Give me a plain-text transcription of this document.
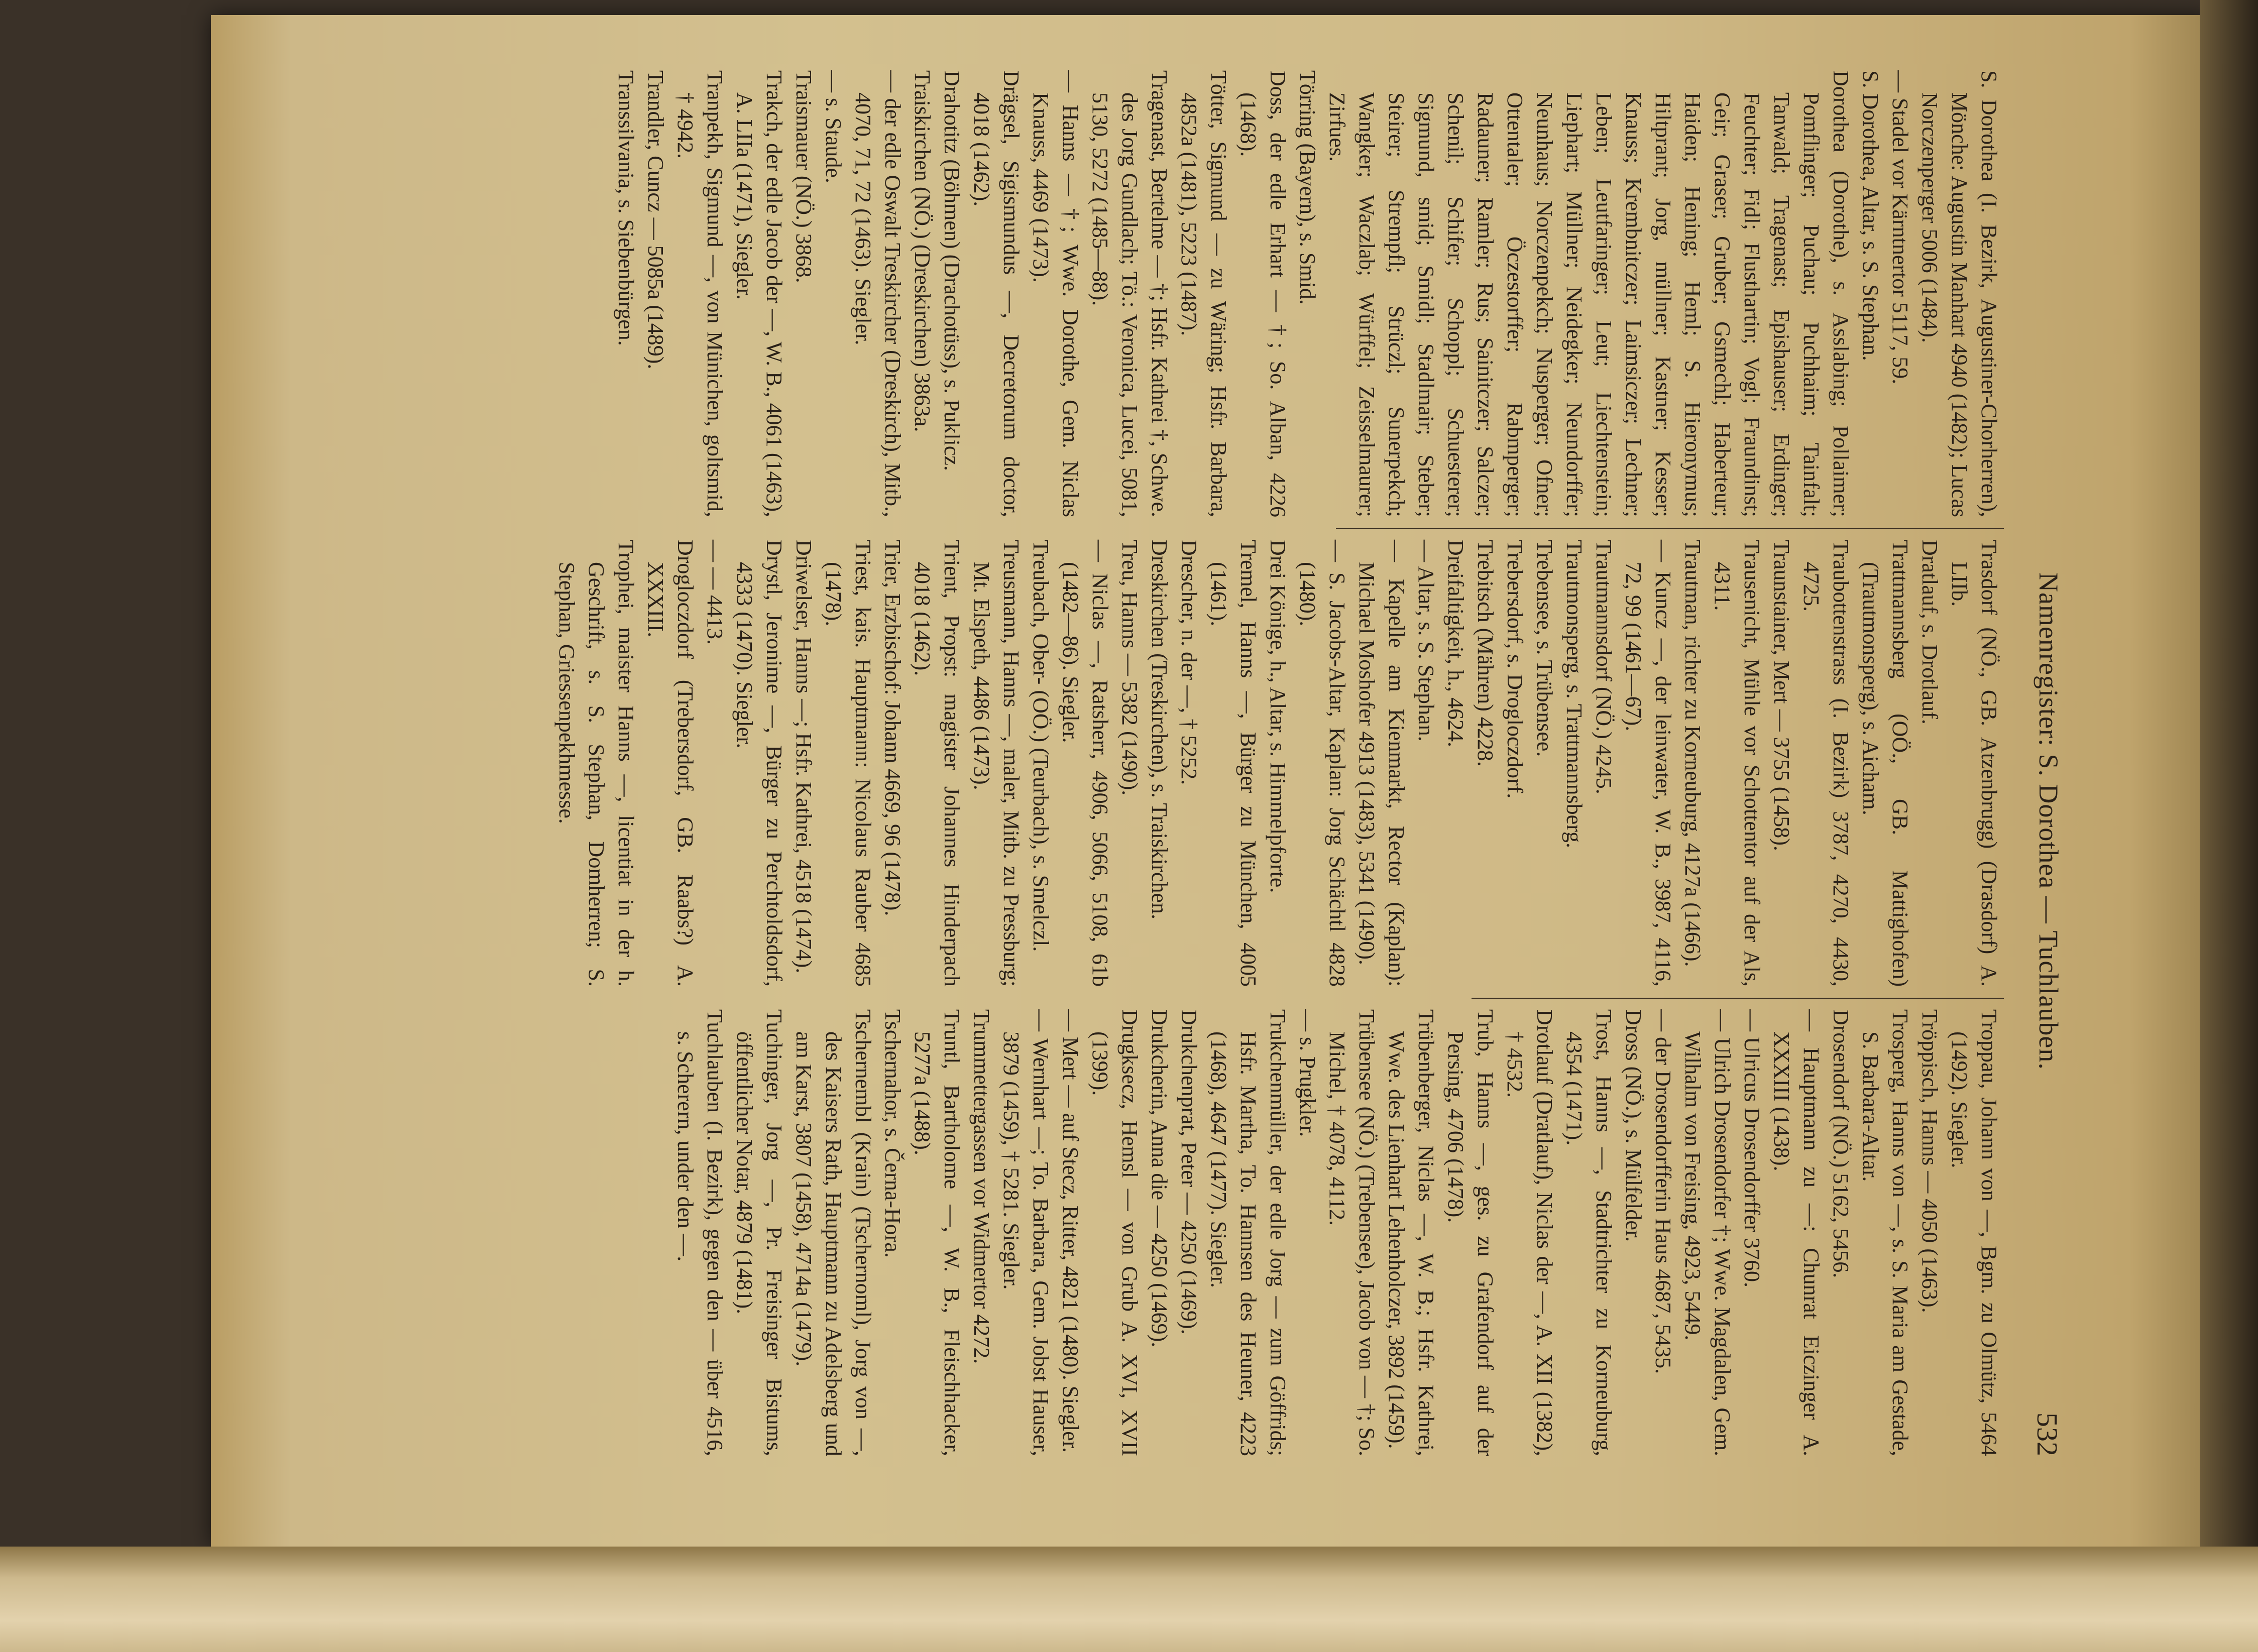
532
Namenregister: S. Dorothea — Tuchlauben.

S. Dorothea (I. Bezirk, Augustiner-Chorherren), Mönche: Augustin Manhart 4940 (1482); Lucas Norczenperger 5006 (1484).

— Stadel vor Kärntnertor 5117, 59.

S. Dorothea, Altar, s. S. Stephan.

Dorothea (Dorothe), s. Asslabing; Pollaimer; Pomflinger; Puchau; Puchhaim; Tainfalt; Tanwald; Tragenast; Epishauser; Erdinger; Feuchter; Fidl; Flusthartin; Vogl; Fraundinst; Geir; Graser; Gruber; Gsmechl; Haberteur; Haiden; Hening; Heml; S. Hieronymus; Hiltprant; Jorg, müllner; Kastner; Kesser; Knauss; Krembnitczer; Laimsiczer; Lechner; Leben; Leutfaringer; Leut; Liechtenstein; Liephart; Müllner; Neidegker; Neundorffer; Neunhaus; Norczenpekch; Nusperger; Ofner; Ottentaler; Öczestorffer; Rabmperger; Radauner; Ramler; Rus; Sainitczer; Salczer; Schenil; Schifer; Schoppl; Schuesterer; Sigmund, smid; Smidl; Stadlmair; Steber; Steirer; Strempfl; Strüczl; Sunerpekch; Wangker; Waczlab; Würffel; Zeisselmaurer; Zirfues.

Törring (Bayern), s. Smid.

Doss, der edle Erhart — †; So. Alban, 4226 (1468).

Tötter, Sigmund — zu Wäring; Hsfr. Barbara, 4852a (1481), 5223 (1487).

Tragenast, Bertelme — †; Hsfr. Kathrei †, Schwe. des Jorg Gundlach; Tö.: Veronica, Lucei, 5081, 5130, 5272 (1485—88).

— Hanns — †; Wwe. Dorothe, Gem. Niclas Knauss, 4469 (1473).

Drägsel, Sigismundus —, Decretorum doctor, 4018 (1462).

Drahotitz (Böhmen) (Drachotüss), s. Puklicz.

Traiskirchen (NÖ.) (Dreskirchen) 3863a.

— der edle Oswalt Treskircher (Dreskirch), Mitb., 4070, 71, 72 (1463). Siegler.

— s. Staude.

Traismauer (NÖ.) 3868.

Trakch, der edle Jacob der —, W. B., 4061 (1463), A. LIIa (1471), Siegler.

Tranpekh, Sigmund —, von Münichen, goltsmid, † 4942.

Trandler, Cuncz — 5085a (1489).

Transsilvania, s. Siebenbürgen.

Trasdorf (NÖ., GB. Atzenbrugg) (Drasdorf) A. LIIb.

Dratlauf, s. Drotlauf.

Trattmannsberg (OÖ., GB. Mattighofen) (Trautmonsperg), s. Aicham.

Traubottenstrass (I. Bezirk) 3787, 4270, 4430, 4725.

Traunstainer, Mert — 3755 (1458).

Trausenicht, Mühle vor Schottentor auf der Als, 4311.

Trautman, richter zu Korneuburg, 4127a (1466).

— Kuncz —, der leinwater, W. B., 3987, 4116, 72, 99 (1461—67).

Trautmannsdorf (NÖ.) 4245.

Trautmonsperg, s. Trattmannsberg.

Trebensee, s. Trübensee.

Trebersdorf, s. Drogloczdorf.

Trebitsch (Mähren) 4228.

Dreifaltigkeit, h., 4624.

— Altar, s. S. Stephan.

— Kapelle am Kienmarkt, Rector (Kaplan): Michael Moshofer 4913 (1483), 5341 (1490).

— S. Jacobs-Altar, Kaplan: Jorg Schächtl 4828 (1480).

Drei Könige, h., Altar, s. Himmelpforte.

Tremel, Hanns —, Bürger zu München, 4005 (1461).

Drescher, n. der —, † 5252.

Dreskirchen (Treskirchen), s. Traiskirchen.

Treu, Hanns — 5382 (1490).

— Niclas —, Ratsherr, 4906, 5066, 5108, 61b (1482—86). Siegler.

Treubach, Ober- (OÖ.) (Teurbach), s. Smelczl.

Treusmann, Hanns —, maler, Mitb. zu Pressburg; Mt. Elspeth, 4486 (1473).

Trient, Propst: magister Johannes Hinderpach 4018 (1462).

Trier, Erzbischof: Johann 4669, 96 (1478).

Triest, kais. Hauptmann: Nicolaus Rauber 4685 (1478).

Driwelser, Hanns —; Hsfr. Kathrei, 4518 (1474).

Drystl, Jeronime —, Bürger zu Perchtoldsdorf, 4333 (1470). Siegler.

— — 4413.

Drogloczdorf (Trebersdorf, GB. Raabs?) A. XXXIII.

Trophei, maister Hanns —, licentiat in der h. Geschrift, s. S. Stephan, Domherren; S. Stephan, Griessenpekhmesse.

Troppau, Johann von —, Bgm. zu Olmütz, 5464 (1492). Siegler.

Tröppisch, Hanns — 4050 (1463).

Trosperg, Hanns von —, s. S. Maria am Gestade, S. Barbara-Altar.

Drosendorf (NÖ.) 5162, 5456.

— Hauptmann zu —: Chunrat Eiczinger A. XXXIII (1438).

— Ulricus Drosendorffer 3760.

— Ulrich Drosendorfer †; Wwe. Magdalen, Gem. Wilhalm von Freising, 4923, 5449.

— der Drosendorfferin Haus 4687, 5435.

Dross (NÖ.), s. Mülfelder.

Trost, Hanns —, Stadtrichter zu Korneuburg, 4354 (1471).

Drotlauf (Dratlauf), Niclas der —, A. XII (1382), † 4532.

Trub, Hanns —, ges. zu Grafendorf auf der Persing, 4706 (1478).

Trübenberger, Niclas —, W. B.; Hsfr. Kathrei, Wwe. des Lienhart Lehenholczer, 3892 (1459).

Trübensee (NÖ.) (Trebensee), Jacob von — †; So. Michel, † 4078, 4112.

— s. Prugkler.

Trukchenmüller, der edle Jorg — zum Göffrids; Hsfr. Martha, To. Hannsen des Heuner, 4223 (1468), 4647 (1477). Siegler.

Drukchenprat, Peter — 4250 (1469).

Drukcherin, Anna die — 4250 (1469).

Drugksecz, Hemsl — von Grub A. XVI, XVII (1399).

— Mert — auf Stecz, Ritter, 4821 (1480). Siegler.

— Wernhart —; To. Barbara, Gem. Jobst Hauser, 3879 (1459), † 5281. Siegler.

Trummettergassen vor Widmertor 4272.

Truntl, Bartholome —, W. B., Fleischhacker, 5277a (1488).

Tschernahor, s. Černa-Hora.

Tschernembl (Krain) (Tschernoml), Jorg von —, des Kaisers Rath, Hauptmann zu Adelsberg und am Karst, 3807 (1458), 4714a (1479).

Tuchinger, Jorg —, Pr. Freisinger Bistums, öffentlicher Notar, 4879 (1481).

Tuchlauben (I. Bezirk), gegen den — über 4516, s. Scherern, under den —.
